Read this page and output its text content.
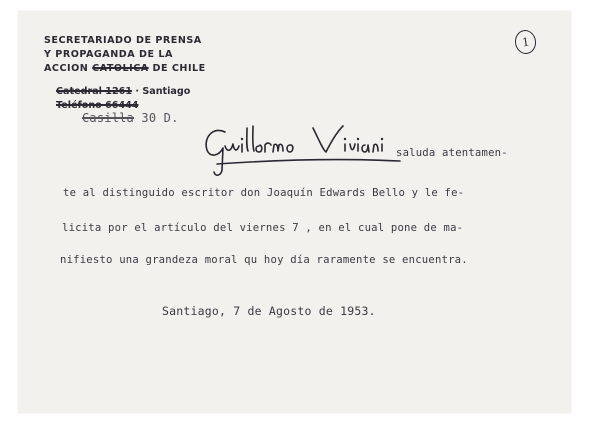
SECRETARIADO DE PRENSA
Y PROPAGANDA DE LA
ACCION CATOLICA DE CHILE
Catedral 1261 · Santiago
Teléfono 66444
Casilla 30 D.
1
saluda atentamen-
te al distinguido escritor don Joaquín Edwards Bello y le fe-
licita por el artículo del viernes 7 , en el cual pone de ma-
nifiesto una grandeza moral qu hoy día raramente se encuentra.
Santiago, 7 de Agosto de 1953.
